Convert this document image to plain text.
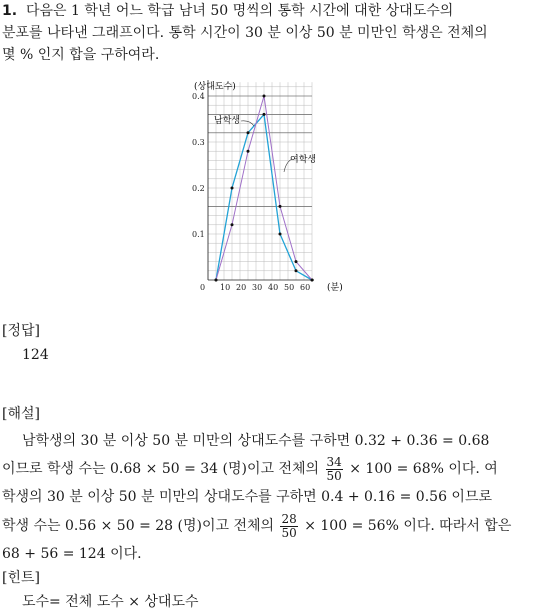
1. 다음은 1 학년 어느 학급 남녀 50 명씩의 통학 시간에 대한 상대도수의
분포를 나타낸 그래프이다. 통학 시간이 30 분 이상 50 분 미만인 학생은 전체의
몇 % 인지 합을 구하여라.
0 10 20 30 40 50 60
0.1
0.2
0.3
0.4
(상대도수)
(분)
남학생
여학생
[정답]
124
[해설]
남학생의 30 분 이상 50 분 미만의 상대도수를 구하면 0.32 + 0.36 = 0.68
이므로 학생 수는 0.68 × 50 = 34 (명)이고 전체의 $\frac{34}{50} \times 100 = 68\%$ 이다. 여
학생의 30 분 이상 50 분 미만의 상대도수를 구하면 0.4 + 0.16 = 0.56 이므로
학생 수는 0.56 × 50 = 28 (명)이고 전체의 $\frac{28}{50} \times 100 = 56\%$ 이다. 따라서 합은
68 + 56 = 124 이다.
[힌트]
도수= 전체 도수 × 상대도수
